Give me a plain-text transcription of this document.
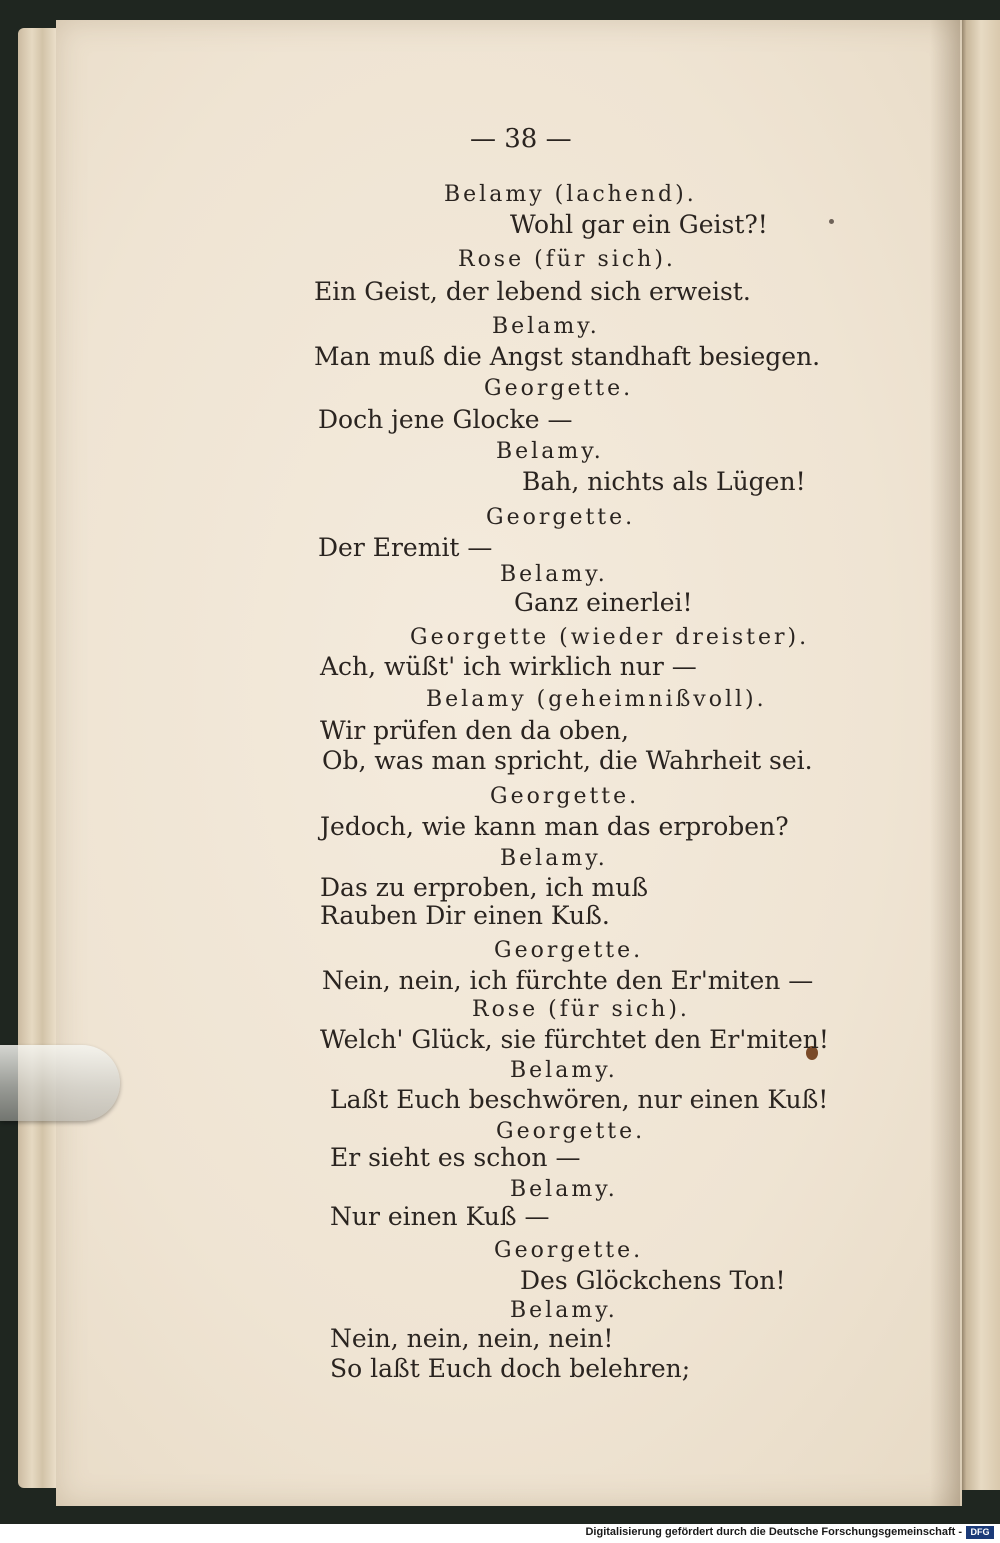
— 38 —
Belamy (lachend).
Wohl gar ein Geist?!
Rose (für sich).
Ein Geist, der lebend sich erweist.
Belamy.
Man muß die Angst standhaft besiegen.
Georgette.
Doch jene Glocke —
Belamy.
Bah, nichts als Lügen!
Georgette.
Der Eremit —
Belamy.
Ganz einerlei!
Georgette (wieder dreister).
Ach, wüßt' ich wirklich nur —
Belamy (geheimnißvoll).
Wir prüfen den da oben,
Ob, was man spricht, die Wahrheit sei.
Georgette.
Jedoch, wie kann man das erproben?
Belamy.
Das zu erproben, ich muß
Rauben Dir einen Kuß.
Georgette.
Nein, nein, ich fürchte den Er'miten —
Rose (für sich).
Welch' Glück, sie fürchtet den Er'miten!
Belamy.
Laßt Euch beschwören, nur einen Kuß!
Georgette.
Er sieht es schon —
Belamy.
Nur einen Kuß —
Georgette.
Des Glöckchens Ton!
Belamy.
Nein, nein, nein, nein!
So laßt Euch doch belehren;
Digitalisierung gefördert durch die Deutsche Forschungsgemeinschaft - DFG
